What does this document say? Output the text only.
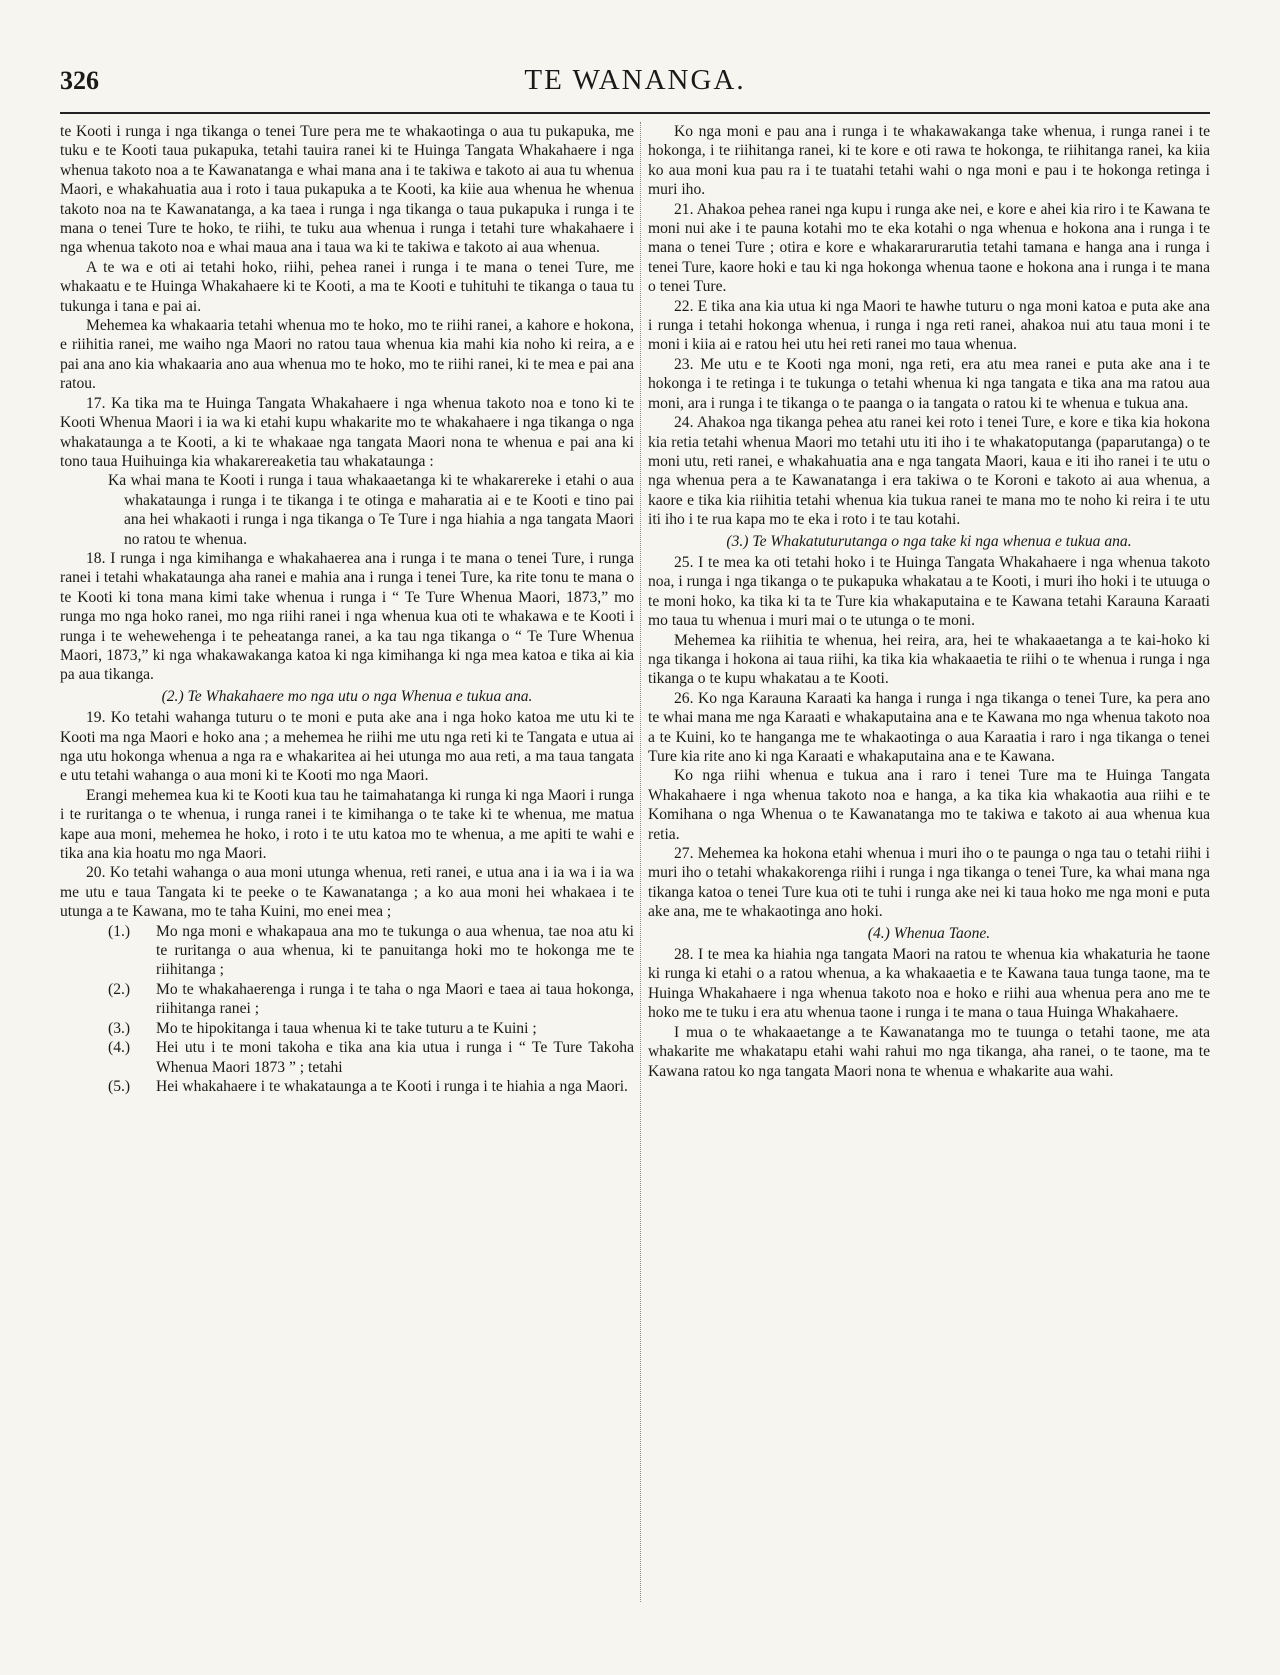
326	TE WANANGA.

te Kooti i runga i nga tikanga o tenei Ture pera me te whakaotinga o aua tu pukapuka, me tuku e te Kooti taua pukapuka, tetahi tauira ranei ki te Huinga Tangata Whakahaere i nga whenua takoto noa a te Kawanatanga e whai mana ana i te takiwa e takoto ai aua tu whenua Maori, e whakahuatia aua i roto i taua pukapuka a te Kooti, ka kiie aua whenua he whenua takoto noa na te Kawanatanga, a ka taea i runga i nga tikanga o taua pukapuka i runga i te mana o tenei Ture te hoko, te riihi, te tuku aua whenua i runga i tetahi ture whakahaere i nga whenua takoto noa e whai maua ana i taua wa ki te takiwa e takoto ai aua whenua.

A te wa e oti ai tetahi hoko, riihi, pehea ranei i runga i te mana o tenei Ture, me whakaatu e te Huinga Whakahaere ki te Kooti, a ma te Kooti e tuhituhi te tikanga o taua tu tukunga i tana e pai ai.

Mehemea ka whakaaria tetahi whenua mo te hoko, mo te riihi ranei, a kahore e hokona, e riihitia ranei, me waiho nga Maori no ratou taua whenua kia mahi kia noho ki reira, a e pai ana ano kia whakaaria ano aua whenua mo te hoko, mo te riihi ranei, ki te mea e pai ana ratou.

17. Ka tika ma te Huinga Tangata Whakahaere i nga whenua takoto noa e tono ki te Kooti Whenua Maori i ia wa ki etahi kupu whakarite mo te whakahaere i nga tikanga o nga whakataunga a te Kooti, a ki te whakaae nga tangata Maori nona te whenua e pai ana ki tono taua Huihuinga kia whakarereaketia tau whakataunga :

Ka whai mana te Kooti i runga i taua whakaaetanga ki te whakarereke i etahi o aua whakataunga i runga i te tikanga i te otinga e maharatia ai e te Kooti e tino pai ana hei whakaoti i runga i nga tikanga o Te Ture i nga hiahia a nga tangata Maori no ratou te whenua.

18. I runga i nga kimihanga e whakahaerea ana i runga i te mana o tenei Ture, i runga ranei i tetahi whakataunga aha ranei e mahia ana i runga i tenei Ture, ka rite tonu te mana o te Kooti ki tona mana kimi take whenua i runga i “ Te Ture Whenua Maori, 1873,” mo runga mo nga hoko ranei, mo nga riihi ranei i nga whenua kua oti te whakawa e te Kooti i runga i te wehewehenga i te peheatanga ranei, a ka tau nga tikanga o “ Te Ture Whenua Maori, 1873,” ki nga whakawakanga katoa ki nga kimihanga ki nga mea katoa e tika ai kia pa aua tikanga.

(2.) Te Whakahaere mo nga utu o nga Whenua e tukua ana.

19. Ko tetahi wahanga tuturu o te moni e puta ake ana i nga hoko katoa me utu ki te Kooti ma nga Maori e hoko ana ; a mehemea he riihi me utu nga reti ki te Tangata e utua ai nga utu hokonga whenua a nga ra e whakaritea ai hei utunga mo aua reti, a ma taua tangata e utu tetahi wahanga o aua moni ki te Kooti mo nga Maori.

Erangi mehemea kua ki te Kooti kua tau he taimahatanga ki runga ki nga Maori i runga i te ruritanga o te whenua, i runga ranei i te kimihanga o te take ki te whenua, me matua kape aua moni, mehemea he hoko, i roto i te utu katoa mo te whenua, a me apiti te wahi e tika ana kia hoatu mo nga Maori.

20. Ko tetahi wahanga o aua moni utunga whenua, reti ranei, e utua ana i ia wa i ia wa me utu e taua Tangata ki te peeke o te Kawanatanga ; a ko aua moni hei whakaea i te utunga a te Kawana, mo te taha Kuini, mo enei mea ;

(1.)	Mo nga moni e whakapaua ana mo te tukunga o aua whenua, tae noa atu ki te ruritanga o aua whenua, ki te panuitanga hoki mo te hokonga me te riihitanga ;
(2.)	Mo te whakahaerenga i runga i te taha o nga Maori e taea ai taua hokonga, riihitanga ranei ;
(3.)	Mo te hipokitanga i taua whenua ki te take tuturu a te Kuini ;
(4.)	Hei utu i te moni takoha e tika ana kia utua i runga i “ Te Ture Takoha Whenua Maori 1873 ” ; tetahi
(5.)	Hei whakahaere i te whakataunga a te Kooti i runga i te hiahia a nga Maori.

Ko nga moni e pau ana i runga i te whakawakanga take whenua, i runga ranei i te hokonga, i te riihitanga ranei, ki te kore e oti rawa te hokonga, te riihitanga ranei, ka kiia ko aua moni kua pau ra i te tuatahi tetahi wahi o nga moni e pau i te hokonga retinga i muri iho.

21. Ahakoa pehea ranei nga kupu i runga ake nei, e kore e ahei kia riro i te Kawana te moni nui ake i te pauna kotahi mo te eka kotahi o nga whenua e hokona ana i runga i te mana o tenei Ture ; otira e kore e whakararurarutia tetahi tamana e hanga ana i runga i tenei Ture, kaore hoki e tau ki nga hokonga whenua taone e hokona ana i runga i te mana o tenei Ture.

22. E tika ana kia utua ki nga Maori te hawhe tuturu o nga moni katoa e puta ake ana i runga i tetahi hokonga whenua, i runga i nga reti ranei, ahakoa nui atu taua moni i te moni i kiia ai e ratou hei utu hei reti ranei mo taua whenua.

23. Me utu e te Kooti nga moni, nga reti, era atu mea ranei e puta ake ana i te hokonga i te retinga i te tukunga o tetahi whenua ki nga tangata e tika ana ma ratou aua moni, ara i runga i te tikanga o te paanga o ia tangata o ratou ki te whenua e tukua ana.

24. Ahakoa nga tikanga pehea atu ranei kei roto i tenei Ture, e kore e tika kia hokona kia retia tetahi whenua Maori mo tetahi utu iti iho i te whakatoputanga (paparutanga) o te moni utu, reti ranei, e whakahuatia ana e nga tangata Maori, kaua e iti iho ranei i te utu o nga whenua pera a te Kawanatanga i era takiwa o te Koroni e takoto ai aua whenua, a kaore e tika kia riihitia tetahi whenua kia tukua ranei te mana mo te noho ki reira i te utu iti iho i te rua kapa mo te eka i roto i te tau kotahi.

(3.) Te Whakatuturutanga o nga take ki nga whenua e tukua ana.

25. I te mea ka oti tetahi hoko i te Huinga Tangata Whakahaere i nga whenua takoto noa, i runga i nga tikanga o te pukapuka whakatau a te Kooti, i muri iho hoki i te utuuga o te moni hoko, ka tika ki ta te Ture kia whakaputaina e te Kawana tetahi Karauna Karaati mo taua tu whenua i muri mai o te utunga o te moni.

Mehemea ka riihitia te whenua, hei reira, ara, hei te whakaaetanga a te kai-hoko ki nga tikanga i hokona ai taua riihi, ka tika kia whakaaetia te riihi o te whenua i runga i nga tikanga o te kupu whakatau a te Kooti.

26. Ko nga Karauna Karaati ka hanga i runga i nga tikanga o tenei Ture, ka pera ano te whai mana me nga Karaati e whakaputaina ana e te Kawana mo nga whenua takoto noa a te Kuini, ko te hanganga me te whakaotinga o aua Karaatia i raro i nga tikanga o tenei Ture kia rite ano ki nga Karaati e whakaputaina ana e te Kawana.

Ko nga riihi whenua e tukua ana i raro i tenei Ture ma te Huinga Tangata Whakahaere i nga whenua takoto noa e hanga, a ka tika kia whakaotia aua riihi e te Komihana o nga Whenua o te Kawanatanga mo te takiwa e takoto ai aua whenua kua retia.

27. Mehemea ka hokona etahi whenua i muri iho o te paunga o nga tau o tetahi riihi i muri iho o tetahi whakakorenga riihi i runga i nga tikanga o tenei Ture, ka whai mana nga tikanga katoa o tenei Ture kua oti te tuhi i runga ake nei ki taua hoko me nga moni e puta ake ana, me te whakaotinga ano hoki.

(4.) Whenua Taone.

28. I te mea ka hiahia nga tangata Maori na ratou te whenua kia whakaturia he taone ki runga ki etahi o a ratou whenua, a ka whakaaetia e te Kawana taua tunga taone, ma te Huinga Whakahaere i nga whenua takoto noa e hoko e riihi aua whenua pera ano me te hoko me te tuku i era atu whenua taone i runga i te mana o taua Huinga Whakahaere.

I mua o te whakaaetange a te Kawanatanga mo te tuunga o tetahi taone, me ata whakarite me whakatapu etahi wahi rahui mo nga tikanga, aha ranei, o te taone, ma te Kawana ratou ko nga tangata Maori nona te whenua e whakarite aua wahi.
